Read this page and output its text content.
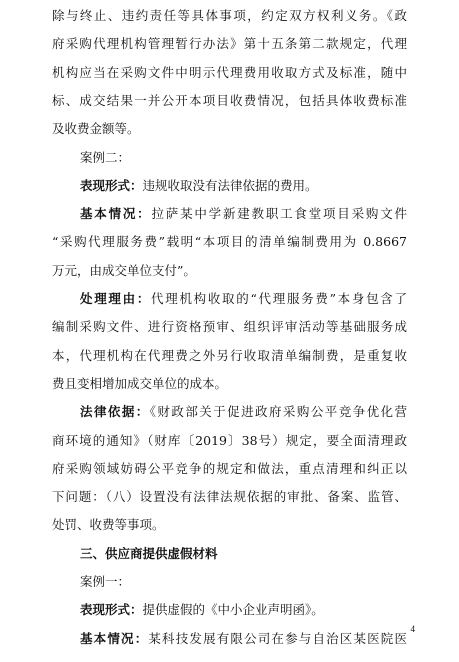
除与终止、违约责任等具体事项，约定双方权利义务。《政
府采购代理机构管理暂行办法》第十五条第二款规定，代理
机构应当在采购文件中明示代理费用收取方式及标准，随中
标、成交结果一并公开本项目收费情况，包括具体收费标准
及收费金额等。
案例二：
表现形式：违规收取没有法律依据的费用。
基本情况：拉萨某中学新建教职工食堂项目采购文件
“采购代理服务费”载明“本项目的清单编制费用为 0.8667
万元，由成交单位支付”。
处理理由：代理机构收取的“代理服务费”本身包含了
编制采购文件、进行资格预审、组织评审活动等基础服务成
本，代理机构在代理费之外另行收取清单编制费，是重复收
费且变相增加成交单位的成本。
法律依据：《财政部关于促进政府采购公平竞争优化营
商环境的通知》（财库〔2019〕38号）规定，要全面清理政
府采购领域妨碍公平竞争的规定和做法，重点清理和纠正以
下问题：（八）设置没有法律法规依据的审批、备案、监管、
处罚、收费等事项。
三、供应商提供虚假材料
案例一：
表现形式：提供虚假的《中小企业声明函》。
4
基本情况：某科技发展有限公司在参与自治区某医院医
